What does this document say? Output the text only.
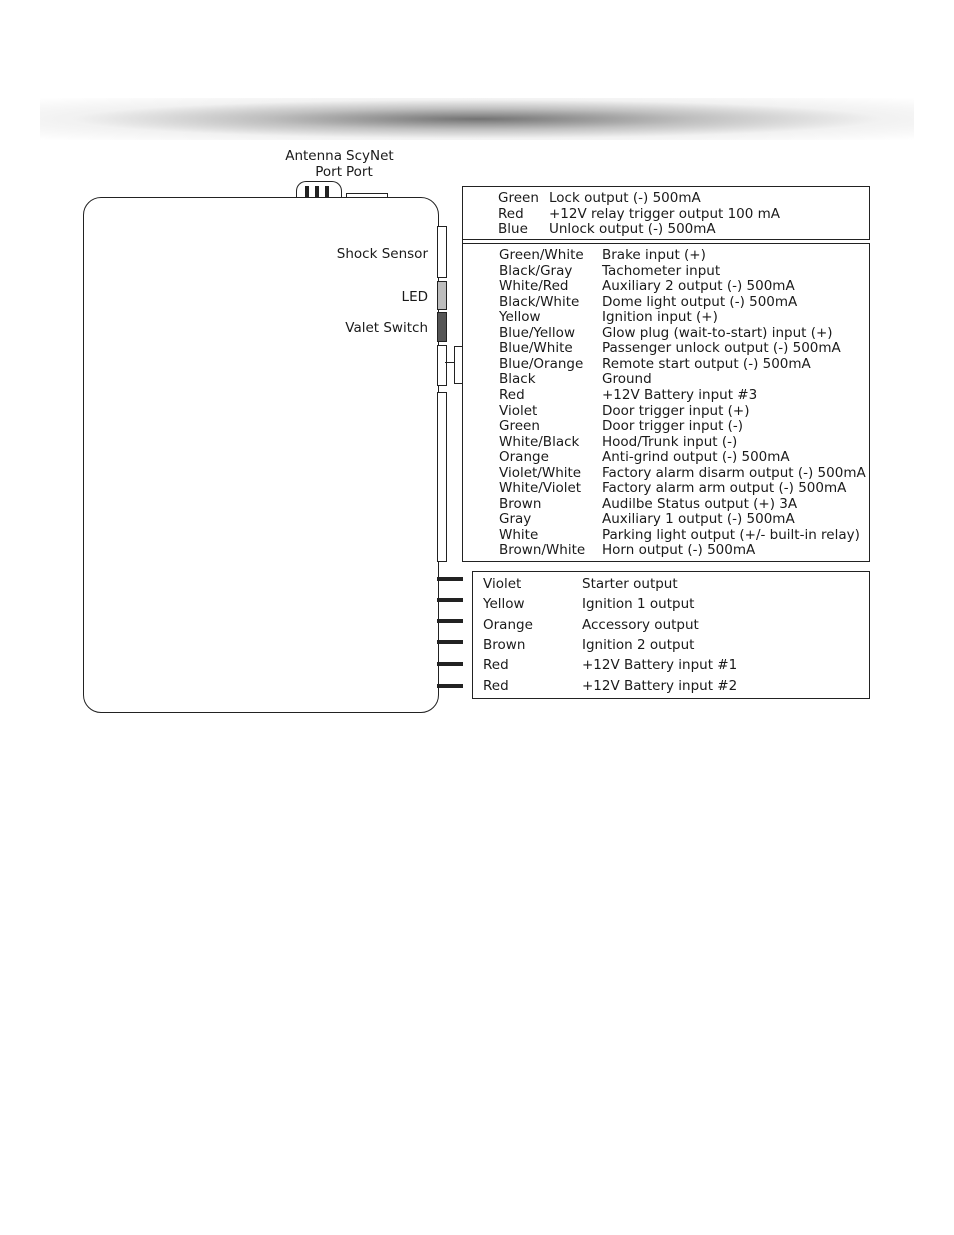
Antenna
Port
ScyNet
Port
Shock Sensor
LED
Valet Switch
Green Lock output (-) 500mA
Red +12V relay trigger output 100 mA
Blue Unlock output (-) 500mA
Green/White Brake input (+)
Black/Gray Tachometer input
White/Red Auxiliary 2 output (-) 500mA
Black/White Dome light output (-) 500mA
Yellow	Ignition input (+)
Blue/Yellow Glow plug (wait-to-start) input (+)
Blue/White Passenger unlock output (-) 500mA
Blue/Orange Remote start output (-) 500mA
Black	Ground
Red	+12V Battery input #3
Violet	Door trigger input (+)
Green	Door trigger input (-)
White/Black Hood/Trunk input (-)
Orange	Anti-grind output (-) 500mA
Violet/White Factory alarm disarm output (-) 500mA
White/Violet Factory alarm arm output (-) 500mA
Brown	Audilbe Status output (+) 3A
Gray	Auxiliary 1 output (-) 500mA
White	Parking light output (+/- built-in relay)
Brown/White Horn output (-) 500mA
Violet	Starter output
Yellow	Ignition 1 output
Orange	Accessory output
Brown	Ignition 2 output
Red	+12V Battery input #1
Red	+12V Battery input #2
